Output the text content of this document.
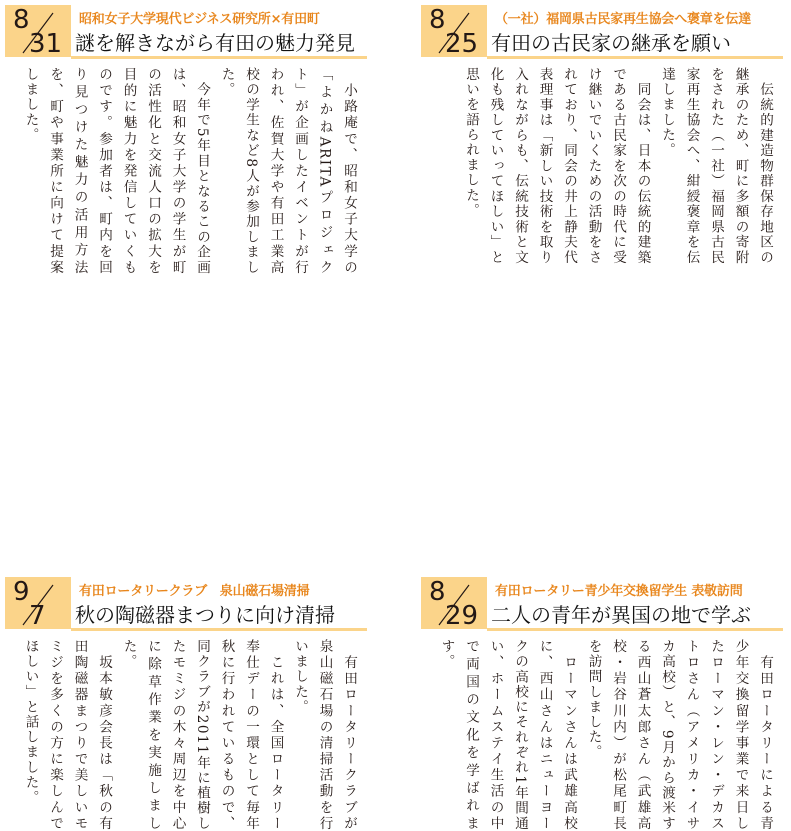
8
31
昭和女子大学現代ビジネス研究所×有田町
謎を解きながら有田の魅力発見

　小路庵で、昭和女子大学の「よかねARITAプロジェクト」が企画したイベントが行われ、佐賀大学や有田工業高校の学生など8人が参加しました。
　今年で5年目となるこの企画は、昭和女子大学の学生が町の活性化と交流人口の拡大を目的に魅力を発信していくものです。参加者は、町内を回り見つけた魅力の活用方法を、町や事業所に向けて提案しました。

8
25
（一社）福岡県古民家再生協会へ褒章を伝達
有田の古民家の継承を願い

　伝統的建造物群保存地区の継承のため、町に多額の寄附をされた（一社）福岡県古民家再生協会へ、紺綬褒章を伝達しました。
　同会は、日本の伝統的建築である古民家を次の時代に受け継いでいくための活動をされており、同会の井上静夫代表理事は「新しい技術を取り入れながらも、伝統技術と文化も残していってほしい」と思いを語られました。

9
7
有田ロータリークラブ　泉山磁石場清掃
秋の陶磁器まつりに向け清掃

　有田ロータリークラブが泉山磁石場の清掃活動を行いました。
　これは、全国ロータリー奉仕デーの一環として毎年秋に行われているもので、同クラブが2011年に植樹したモミジの木々周辺を中心に除草作業を実施しました。
　坂本敏彦会長は「秋の有田陶磁器まつりで美しいモミジを多くの方に楽しんでほしい」と話しました。

8
29
有田ロータリー青少年交換留学生 表敬訪問
二人の青年が異国の地で学ぶ

　有田ロータリーによる青少年交換留学事業で来日したローマン・レン・デカストロさん（アメリカ・イサカ高校）と、9月から渡米する西山蒼太郎さん（武雄高校・岩谷川内）が松尾町長を訪問しました。
　ローマンさんは武雄高校に、西山さんはニューヨークの高校にそれぞれ1年間通い、ホームステイ生活の中で両国の文化を学ばれます。
